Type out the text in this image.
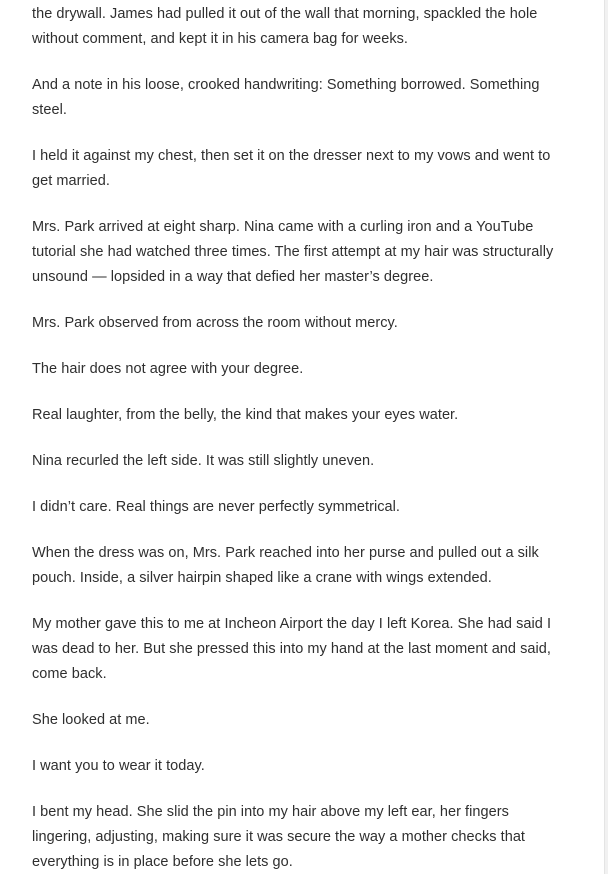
the drywall. James had pulled it out of the wall that morning, spackled the hole without comment, and kept it in his camera bag for weeks.

And a note in his loose, crooked handwriting: Something borrowed. Something steel.

I held it against my chest, then set it on the dresser next to my vows and went to get married.

Mrs. Park arrived at eight sharp. Nina came with a curling iron and a YouTube tutorial she had watched three times. The first attempt at my hair was structurally unsound — lopsided in a way that defied her master’s degree.

Mrs. Park observed from across the room without mercy.

The hair does not agree with your degree.

Real laughter, from the belly, the kind that makes your eyes water.

Nina recurled the left side. It was still slightly uneven.

I didn’t care. Real things are never perfectly symmetrical.

When the dress was on, Mrs. Park reached into her purse and pulled out a silk pouch. Inside, a silver hairpin shaped like a crane with wings extended.

My mother gave this to me at Incheon Airport the day I left Korea. She had said I was dead to her. But she pressed this into my hand at the last moment and said, come back.

She looked at me.

I want you to wear it today.

I bent my head. She slid the pin into my hair above my left ear, her fingers lingering, adjusting, making sure it was secure the way a mother checks that everything is in place before she lets go.
